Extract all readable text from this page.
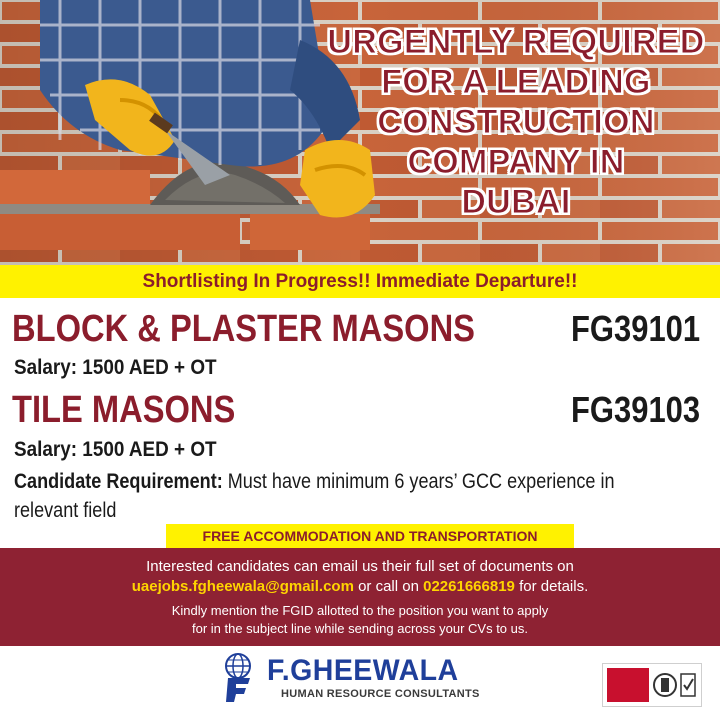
URGENTLY REQUIRED
FOR A LEADING
CONSTRUCTION
COMPANY IN
DUBAI
Shortlisting In Progress!! Immediate Departure!!
BLOCK & PLASTER MASONS	FG39101
Salary: 1500 AED + OT
TILE MASONS	FG39103
Salary: 1500 AED + OT
Candidate Requirement: Must have minimum 6 years’ GCC experience in
relevant field
FREE ACCOMMODATION AND TRANSPORTATION
Interested candidates can email us their full set of documents on
uaejobs.fgheewala@gmail.com or call on 02261666819 for details.
Kindly mention the FGID allotted to the position you want to apply
for in the subject line while sending across your CVs to us.
F.GHEEWALA
HUMAN RESOURCE CONSULTANTS
